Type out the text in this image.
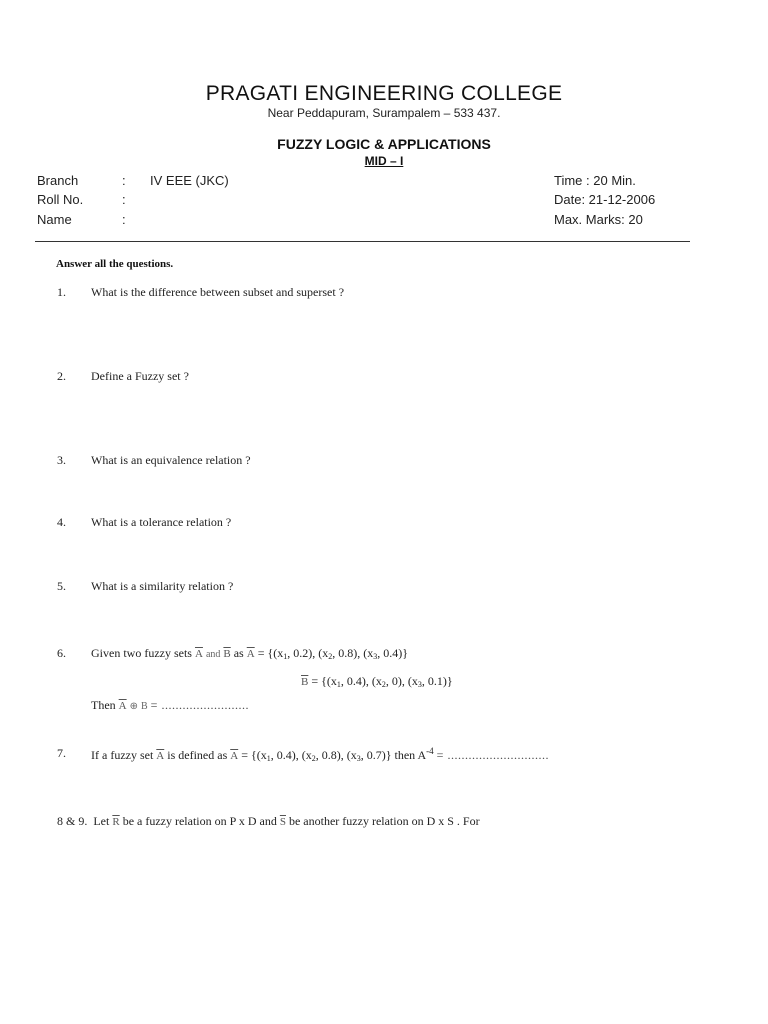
PRAGATI ENGINEERING COLLEGE
Near Peddapuram, Surampalem – 533 437.
FUZZY LOGIC & APPLICATIONS
MID – I
Branch	: IV EEE (JKC)
Roll No.	:
Name	:
Time : 20 Min.
Date: 21-12-2006
Max. Marks: 20
Answer all the questions.
1. What is the difference between subset and superset ?
2. Define a Fuzzy set ?
3. What is an equivalence relation ?
4. What is a tolerance relation ?
5. What is a similarity relation ?
6. Given two fuzzy sets $\overline{A}$ and $\overline{B}$ as $\overline{A} = \{(x_1$, 0.2), ($x_2$, 0.8), ($x_3$, 0.4)}
$\overline{B} = \{(x_1$, 0.4), ($x_2$, 0), ($x_3$, 0.1)}
Then $\overline{A}$ ⊕ B = .........................
7. If a fuzzy set $\overline{A}$ is defined as $\overline{A} = \{(x_1$, 0.4), ($x_2$, 0.8), ($x_3$, 0.7)} then $A^{-4}$ = .............................
8 & 9. Let $\overline{R}$ be a fuzzy relation on P x D and $\overline{S}$ be another fuzzy relation on D x S . For
